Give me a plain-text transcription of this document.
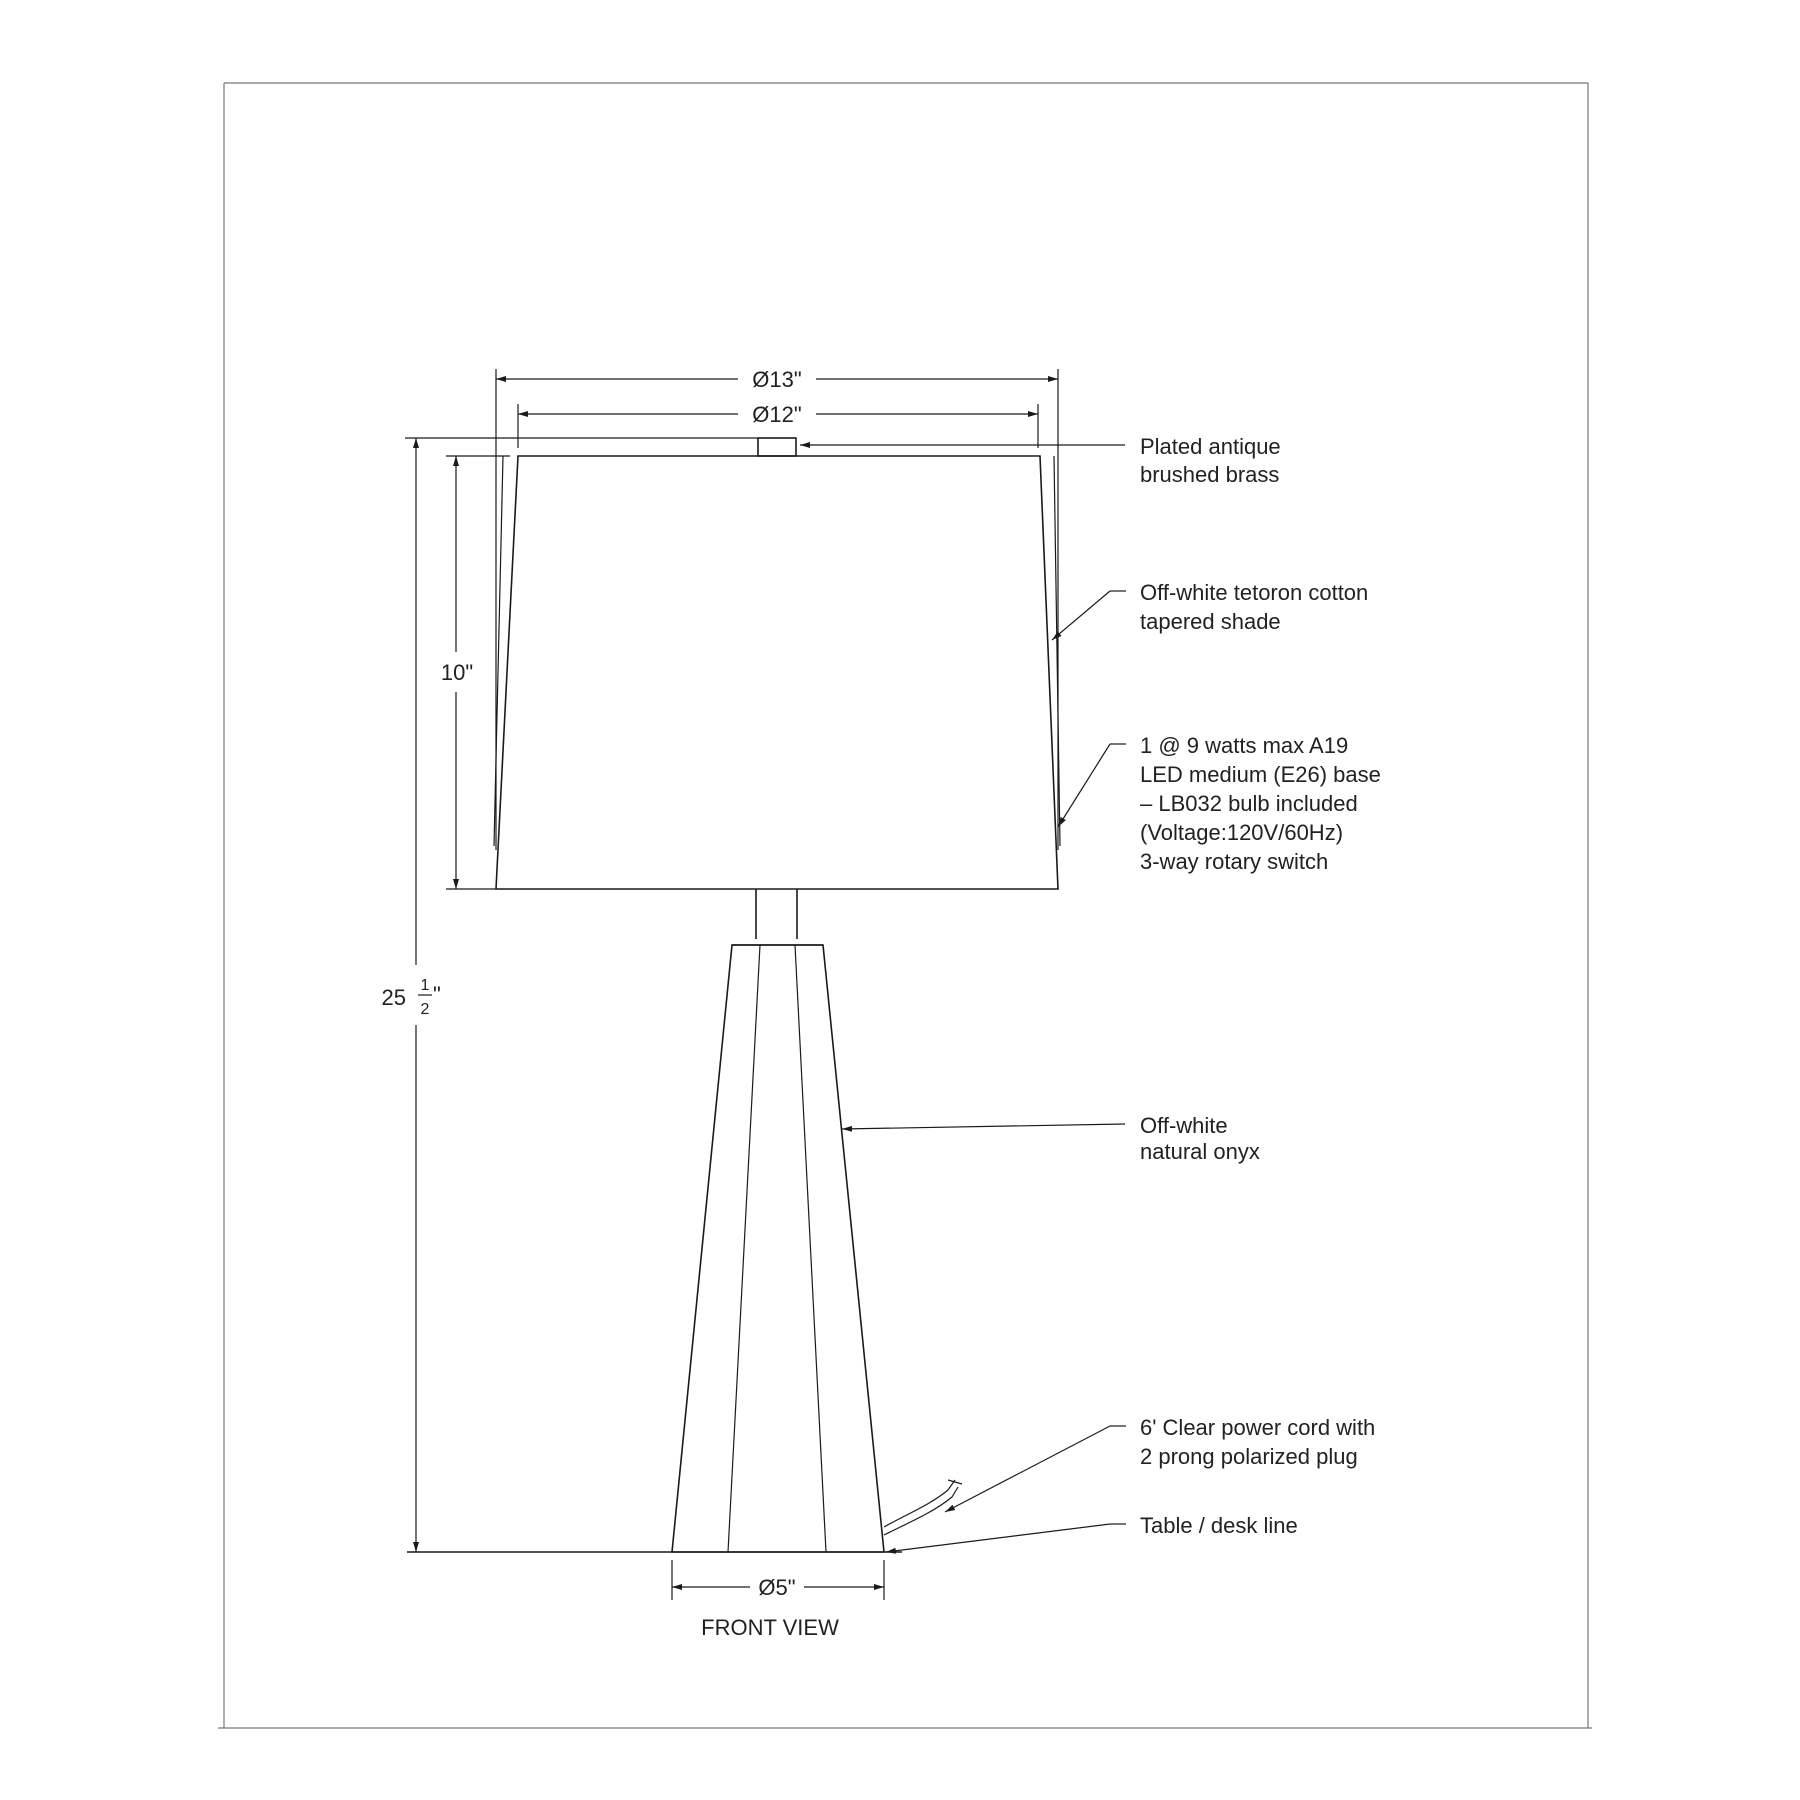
Ø13"
Ø12"
10"
25 1
2
"
Ø5"
FRONT VIEW
Plated antique
brushed brass
Off-white tetoron cotton
tapered shade
1 @ 9 watts max A19
LED medium (E26) base
– LB032 bulb included
(Voltage:120V/60Hz)
3-way rotary switch
Off-white
natural onyx
6' Clear power cord with
2 prong polarized plug
Table / desk line
